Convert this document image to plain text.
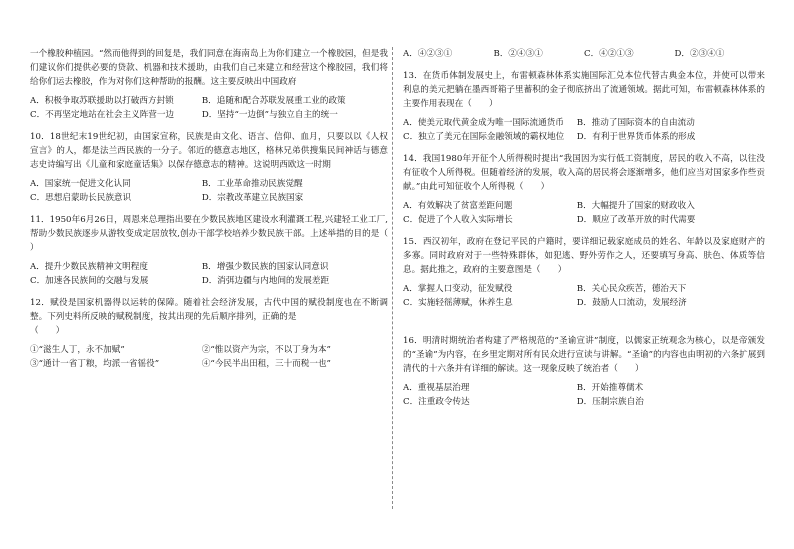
一个橡胶种植园。“然而他得到的回复是，我们同意在海南岛上为你们建立一个橡胶园，但是我们建议你们提供必要的贷款、机器和技术援助，由我们自己来建立和经营这个橡胶园，我们将给你们运去橡胶，作为对你们这种帮助的报酬。这主要反映出中国政府

A．积极争取苏联援助以打破西方封锁	B．追随和配合苏联发展重工业的政策
C．不再坚定地站在社会主义阵营一边	D．坚持“一边倒”与独立自主的统一

10．18世纪末19世纪初，由国家宣称，民族是由文化、语言、信仰、血月，只要以以《人权宣言》的人，都是法兰西民族的一分子。邻近的德意志地区，格林兄弟供搜集民间神话与德意志史诗编写出《儿童和家庭童话集》以保存德意志的精神。这说明西欧这一时期

A．国家统一促进文化认同	B．工业革命推动民族觉醒
C．思想启蒙助长民族意识	D．宗教改革建立民族国家

11．1950年6月26日，周恩来总理指出要在少数民族地区建设水利灌溉工程,兴建轻工业工厂,帮助少数民族逐步从游牧变成定居放牧,创办干部学校培养少数民族干部。上述举措的目的是（　　）

A．提升少数民族精神文明程度	B．增强少数民族的国家认同意识
C．加速各民族间的交融与发展	D．消弭边疆与内地间的发展差距

12．赋役是国家机器得以运转的保障。随着社会经济发展，古代中国的赋役制度也在不断调整。下列史料所反映的赋税制度，按其出现的先后顺序排列，正确的是

（　　）

①“滋生人丁，永不加赋”	②“惟以资产为宗，不以丁身为本”
③“通计一省丁粮，均派一省徭役”	④“今民半出田租，三十而税一也”
A．④②③①	B．②④③①	C．④②①③	D．②③④①

13．在货币体制发展史上，布雷顿森林体系实施国际汇兑本位代替古典金本位，并使可以带来利息的美元把躺在墨西哥箱子里蓄积的金子彻底挤出了流通领域。据此可知，布雷顿森林体系的主要作用表现在（　　）

A．使美元取代黄金成为唯一国际流通货币	B．推动了国际资本的自由流动
C．独立了美元在国际金融领域的霸权地位	D．有利于世界货币体系的形成

14．我国1980年开征个人所得税时提出“我国因为实行低工资制度，居民的收入不高，以往没有征收个人所得税。但随着经济的发展，收入高的居民将会逐渐增多，他们应当对国家多作些贡献。”由此可知征收个人所得税（　　）

A．有效解决了贫富差距问题	B．大幅提升了国家的财政收入
C．促进了个人收入实际增长	D．顺应了改革开放的时代需要

15．西汉初年，政府在登记平民的户籍时，要详细记载家庭成员的姓名、年龄以及家庭财产的多寡。同时政府对于一些特殊群体，如犯逃、野外劳作之人，还要填写身高、肤色、体质等信息。据此推之，政府的主要意图是（　　）

A．掌握人口变动，征发赋役	B．关心民众疾苦，德治天下
C．实施轻徭薄赋，休养生息	D．鼓励人口流动，发展经济

16．明清时期统治者构建了严格规范的“圣谕宣讲”制度，以儒家正统观念为核心，以是帝颁发的“圣谕”为内容，在乡里定期对所有民众进行宣读与讲解。“圣谕”的内容也由明初的六条扩展到清代的十六条并有详细的解读。这一现象反映了统治者（　　）

A．重视基层治理	B．开始推尊儒术
C．注重政令传达	D．压制宗族自治
